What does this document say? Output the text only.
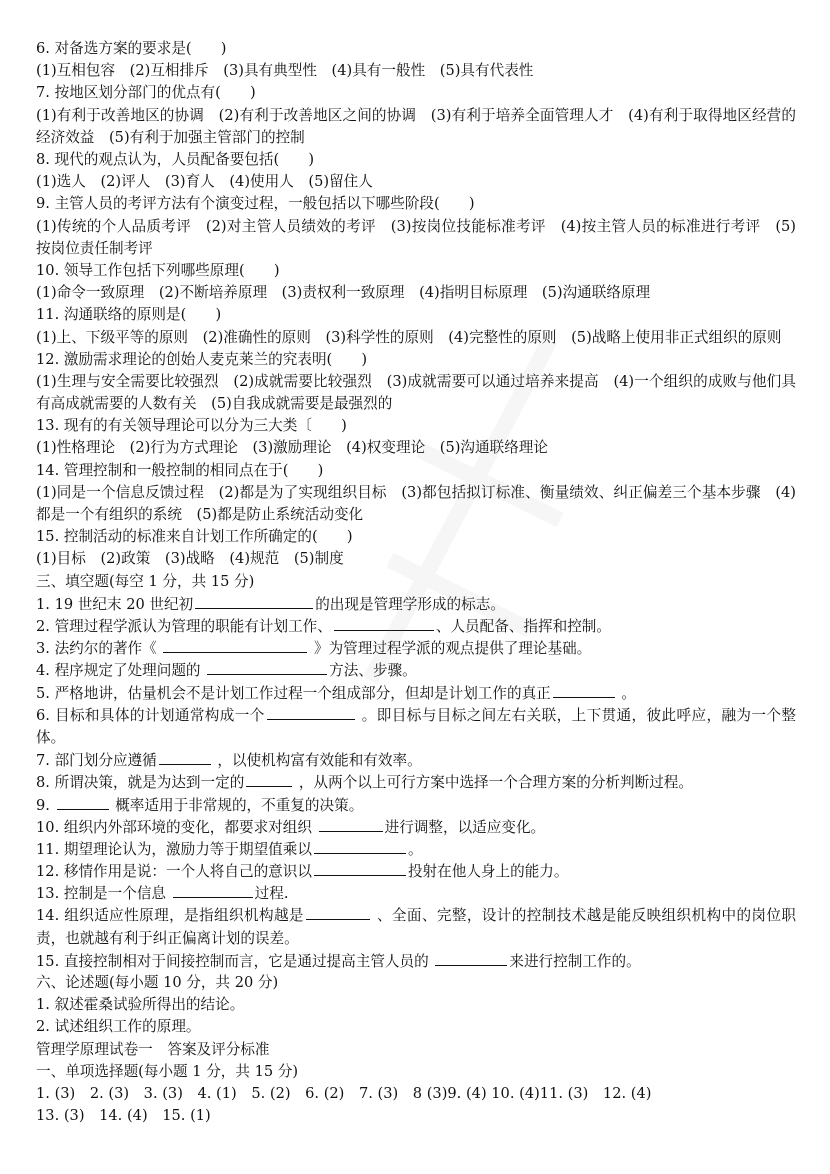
6. 对备选方案的要求是(　　)
(1)互相包容　(2)互相排斥　(3)具有典型性　(4)具有一般性　(5)具有代表性
7. 按地区划分部门的优点有(　　)
(1)有利于改善地区的协调　(2)有利于改善地区之间的协调　(3)有利于培养全面管理人才　(4)有利于取得地区经营的经济效益　(5)有利于加强主管部门的控制
8. 现代的观点认为，人员配备要包括(　　)
(1)选人　(2)评人　(3)育人　(4)使用人　(5)留住人
9. 主管人员的考评方法有个演变过程，一般包括以下哪些阶段(　　)
(1)传统的个人品质考评　(2)对主管人员绩效的考评　(3)按岗位技能标准考评　(4)按主管人员的标准进行考评　(5)按岗位责任制考评
10. 领导工作包括下列哪些原理(　　)
(1)命令一致原理　(2)不断培养原理　(3)责权利一致原理　(4)指明目标原理　(5)沟通联络原理
11. 沟通联络的原则是(　　)
(1)上、下级平等的原则　(2)准确性的原则　(3)科学性的原则　(4)完整性的原则　(5)战略上使用非正式组织的原则
12. 激励需求理论的创始人麦克莱兰的究表明(　　)
(1)生理与安全需要比较强烈　(2)成就需要比较强烈　(3)成就需要可以通过培养来提高　(4)一个组织的成败与他们具有高成就需要的人数有关　(5)自我成就需要是最强烈的
13. 现有的有关领导理论可以分为三大类〔　　)
(1)性格理论　(2)行为方式理论　(3)激励理论　(4)权变理论　(5)沟通联络理论
14. 管理控制和一般控制的相同点在于(　　)
(1)同是一个信息反馈过程　(2)都是为了实现组织目标　(3)都包括拟订标准、衡量绩效、纠正偏差三个基本步骤　(4)都是一个有组织的系统　(5)都是防止系统活动变化
15. 控制活动的标准来自计划工作所确定的(　　)
(1)目标　(2)政策　(3)战略　(4)规范　(5)制度
三、填空题(每空 1 分，共 15 分)
1. 19 世纪末 20 世纪初	的出现是管理学形成的标志。
2. 管理过程学派认为管理的职能有计划工作、	、人员配备、指挥和控制。
3. 法约尔的著作《	》为管理过程学派的观点提供了理论基础。
4. 程序规定了处理问题的	方法、步骤。
5. 严格地讲，估量机会不是计划工作过程一个组成部分，但却是计划工作的真正	。
6. 目标和具体的计划通常构成一个	。即目标与目标之间左右关联，上下贯通，彼此呼应，融为一个整体。
7. 部门划分应遵循	，以使机构富有效能和有效率。
8. 所谓决策，就是为达到一定的	，从两个以上可行方案中选择一个合理方案的分析判断过程。
9.	概率适用于非常规的，不重复的决策。
10. 组织内外部环境的变化，都要求对组织	进行调整，以适应变化。
11. 期望理论认为，激励力等于期望值乘以	。
12. 移情作用是说：一个人将自己的意识以	投射在他人身上的能力。
13. 控制是一个信息	过程.
14. 组织适应性原理，是指组织机构越是	、全面、完整，设计的控制技术越是能反映组织机构中的岗位职责，也就越有利于纠正偏离计划的误差。
15. 直接控制相对于间接控制而言，它是通过提高主管人员的	来进行控制工作的。
六、论述题(每小题 10 分，共 20 分)
1. 叙述霍桑试验所得出的结论。
2. 试述组织工作的原理。
管理学原理试卷一　答案及评分标准
一、单项选择题(每小题 1 分，共 15 分)
1. (3)　2. (3)　3. (3)　4. (1)　5. (2)　6. (2)　7. (3)　8 (3)9. (4) 10. (4)11. (3)　12. (4)
13. (3)　14. (4)　15. (1)
